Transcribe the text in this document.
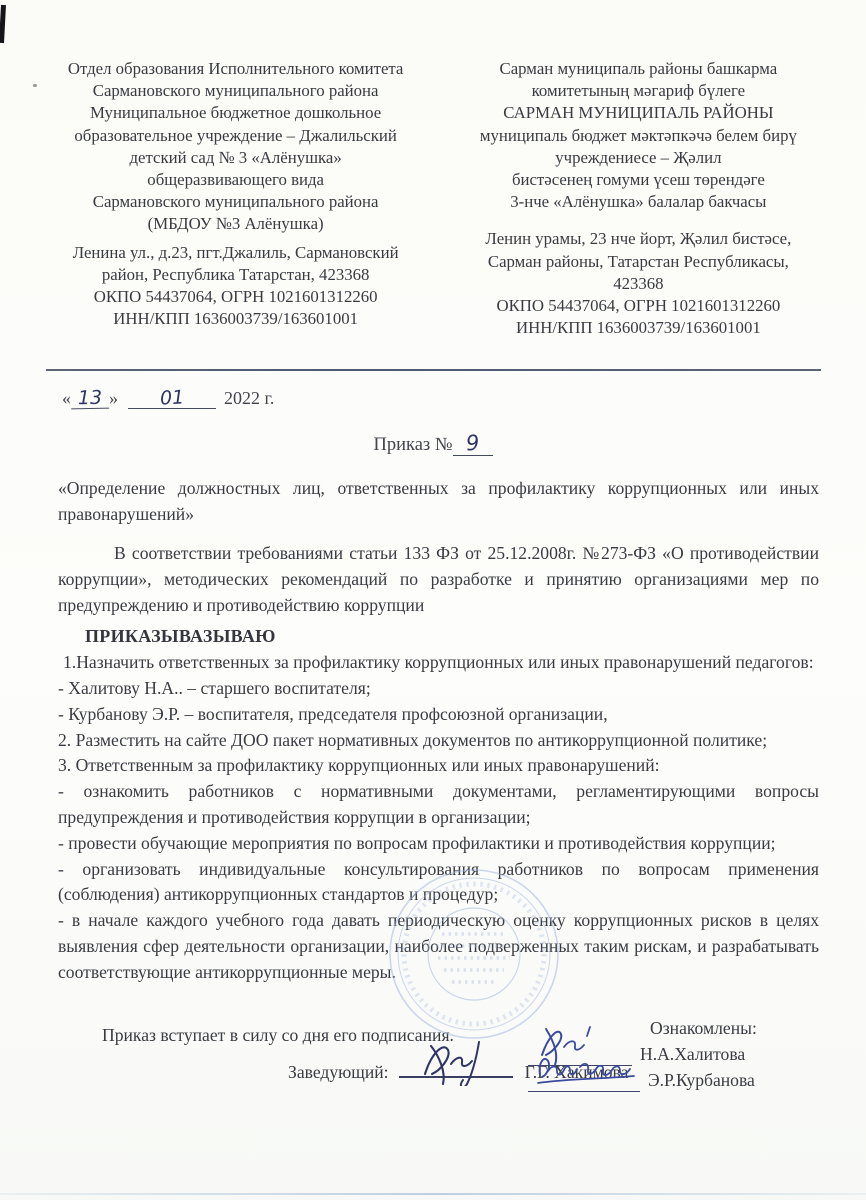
Отдел образования Исполнительного комитета
Сармановского муниципального района
Муниципальное бюджетное дошкольное
образовательное учреждение – Джалильский
детский сад № 3 «Алёнушка»
общеразвивающего вида
Сармановского муниципального района
(МБДОУ №3 Алёнушка)
Ленина ул., д.23, пгт.Джалиль, Сармановский
район, Республика Татарстан, 423368
ОКПО 54437064, ОГРН 1021601312260
ИНН/КПП 1636003739/163601001
Сарман муниципаль районы башкарма
комитетының мәгариф бүлеге
САРМАН МУНИЦИПАЛЬ РАЙОНЫ
муниципаль бюджет мәктәпкәчә белем бирү
учреждениесе – Җәлил
бистәсенең гомуми үсеш төрендәге
3-нче «Алёнушка» балалар бакчасы
Ленин урамы, 23 нче йорт, Җәлил бистәсе,
Сарман районы, Татарстан Республикасы,
423368
ОКПО 54437064, ОГРН 1021601312260
ИНН/КПП 1636003739/163601001
« 13 » 01 2022 г.
Приказ № 9

«Определение должностных лиц, ответственных за профилактику коррупционных или иных правонарушений»

В соответствии требованиями статьи 133 ФЗ от 25.12.2008г. №273-ФЗ «О противодействии коррупции», методических рекомендаций по разработке и принятию организациями мер по предупреждению и противодействию коррупции

ПРИКАЗЫВАЗЫВАЮ

1.Назначить ответственных за профилактику коррупционных или иных правонарушений педагогов:

- Халитову Н.А.. – старшего воспитателя;

- Курбанову Э.Р. – воспитателя, председателя профсоюзной организации,

2. Разместить на сайте ДОО пакет нормативных документов по антикоррупционной политике;

3. Ответственным за профилактику коррупционных или иных правонарушений:

- ознакомить работников с нормативными документами, регламентирующими вопросы предупреждения и противодействия коррупции в организации;

- провести обучающие мероприятия по вопросам профилактики и противодействия коррупции;

- организовать индивидуальные консультирования работников по вопросам применения (соблюдения) антикоррупционных стандартов и процедур;

- в начале каждого учебного года давать периодическую оценку коррупционных рисков в целях выявления сфер деятельности организации, наиболее подверженных таким рискам, и разрабатывать соответствующие антикоррупционные меры.

Приказ вступает в силу со дня его подписания.

Заведующий:	Г.Г. Хакимова
Ознакомлены:
Н.А.Халитова
Э.Р.Курбанова
